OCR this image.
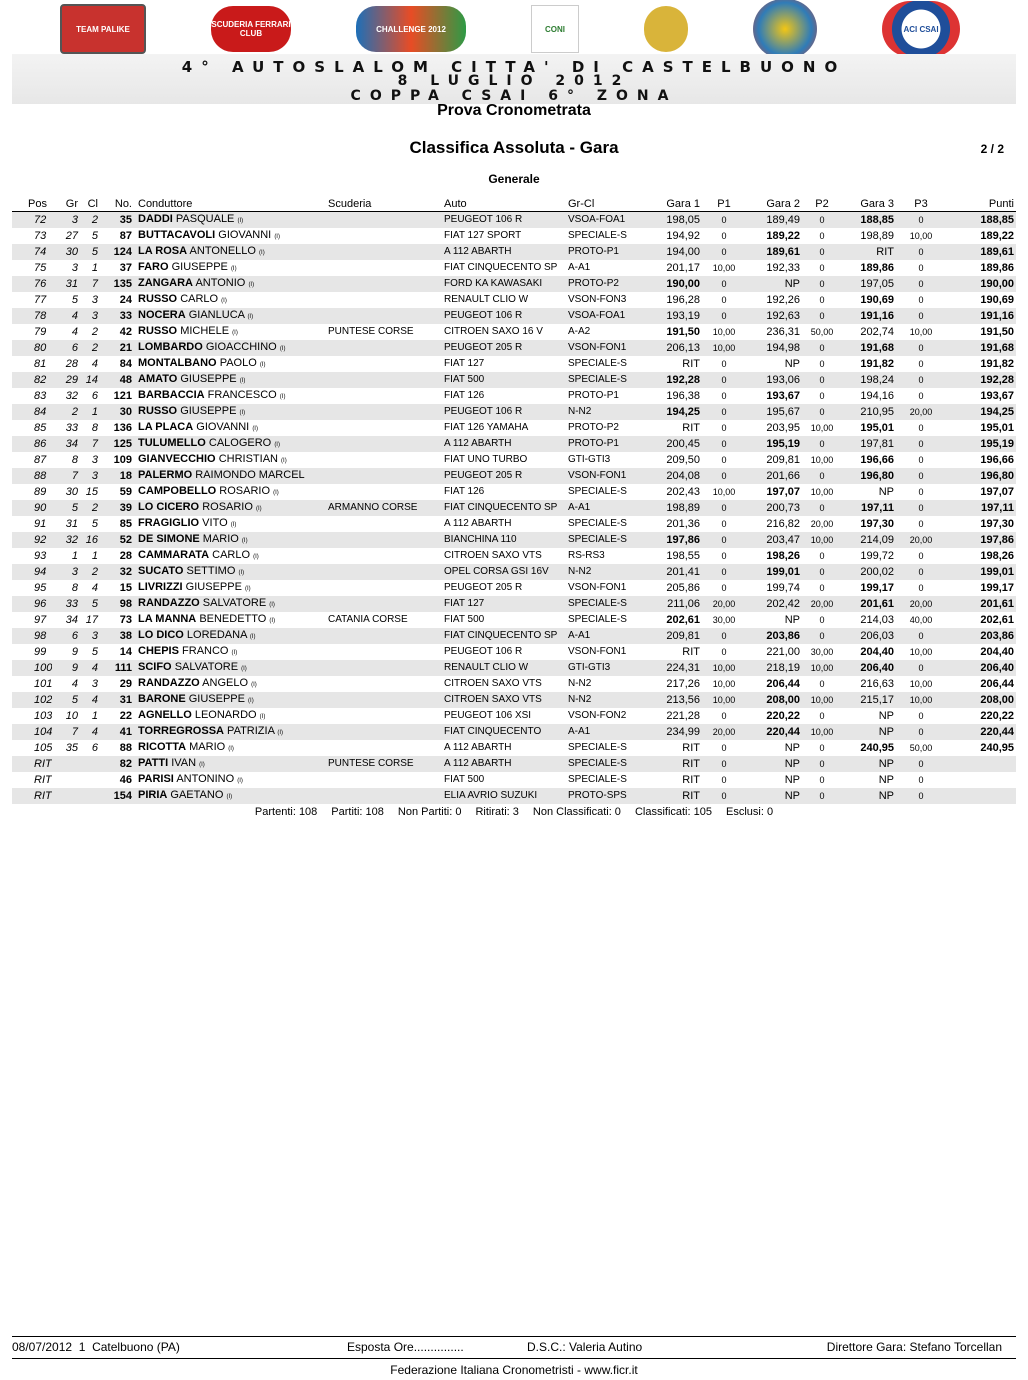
TEAM PALIKE	SCUDERIA FERRARI CLUB	CHALLENGE 2012	CONI	ACI CSAI
4° AUTOSLALOM CITTA' DI CASTELBUONO
8 LUGLIO 2012
COPPA CSAI 6° ZONA
Prova Cronometrata
Classifica Assoluta - Gara	2 / 2
Generale
Pos	Gr	Cl	No.	Conduttore	Scuderia	Auto	Gr-Cl	Gara 1	P1	Gara 2	P2	Gara 3	P3	Punti
72	3	2	35	DADDI PASQUALE (I)		PEUGEOT 106 R	VSOA-FOA1	198,05	0	189,49	0	188,85	0	188,85
73	27	5	87	BUTTACAVOLI GIOVANNI (I)		FIAT 127 SPORT	SPECIALE-S	194,92	0	189,22	0	198,89	10,00	189,22
74	30	5	124	LA ROSA ANTONELLO (I)		A 112 ABARTH	PROTO-P1	194,00	0	189,61	0	RIT	0	189,61
75	3	1	37	FARO GIUSEPPE (I)		FIAT CINQUECENTO SP	A-A1	201,17	10,00	192,33	0	189,86	0	189,86
76	31	7	135	ZANGARA ANTONIO (I)		FORD KA KAWASAKI	PROTO-P2	190,00	0	NP	0	197,05	0	190,00
77	5	3	24	RUSSO CARLO (I)		RENAULT CLIO W	VSON-FON3	196,28	0	192,26	0	190,69	0	190,69
78	4	3	33	NOCERA GIANLUCA (I)		PEUGEOT 106 R	VSOA-FOA1	193,19	0	192,63	0	191,16	0	191,16
79	4	2	42	RUSSO MICHELE (I)	PUNTESE CORSE	CITROEN SAXO 16 V	A-A2	191,50	10,00	236,31	50,00	202,74	10,00	191,50
80	6	2	21	LOMBARDO GIOACCHINO (I)		PEUGEOT 205 R	VSON-FON1	206,13	10,00	194,98	0	191,68	0	191,68
81	28	4	84	MONTALBANO PAOLO (I)		FIAT 127	SPECIALE-S	RIT	0	NP	0	191,82	0	191,82
82	29	14	48	AMATO GIUSEPPE (I)		FIAT 500	SPECIALE-S	192,28	0	193,06	0	198,24	0	192,28
83	32	6	121	BARBACCIA FRANCESCO (I)		FIAT 126	PROTO-P1	196,38	0	193,67	0	194,16	0	193,67
84	2	1	30	RUSSO GIUSEPPE (I)		PEUGEOT 106 R	N-N2	194,25	0	195,67	0	210,95	20,00	194,25
85	33	8	136	LA PLACA GIOVANNI (I)		FIAT 126 YAMAHA	PROTO-P2	RIT	0	203,95	10,00	195,01	0	195,01
86	34	7	125	TULUMELLO CALOGERO (I)		A 112 ABARTH	PROTO-P1	200,45	0	195,19	0	197,81	0	195,19
87	8	3	109	GIANVECCHIO CHRISTIAN (I)		FIAT UNO TURBO	GTI-GTI3	209,50	0	209,81	10,00	196,66	0	196,66
88	7	3	18	PALERMO RAIMONDO MARCEL		PEUGEOT 205 R	VSON-FON1	204,08	0	201,66	0	196,80	0	196,80
89	30	15	59	CAMPOBELLO ROSARIO (I)		FIAT 126	SPECIALE-S	202,43	10,00	197,07	10,00	NP	0	197,07
90	5	2	39	LO CICERO ROSARIO (I)	ARMANNO CORSE	FIAT CINQUECENTO SP	A-A1	198,89	0	200,73	0	197,11	0	197,11
91	31	5	85	FRAGIGLIO VITO (I)		A 112 ABARTH	SPECIALE-S	201,36	0	216,82	20,00	197,30	0	197,30
92	32	16	52	DE SIMONE MARIO (I)		BIANCHINA 110	SPECIALE-S	197,86	0	203,47	10,00	214,09	20,00	197,86
93	1	1	28	CAMMARATA CARLO (I)		CITROEN SAXO VTS	RS-RS3	198,55	0	198,26	0	199,72	0	198,26
94	3	2	32	SUCATO SETTIMO (I)		OPEL CORSA GSI 16V	N-N2	201,41	0	199,01	0	200,02	0	199,01
95	8	4	15	LIVRIZZI GIUSEPPE (I)		PEUGEOT 205 R	VSON-FON1	205,86	0	199,74	0	199,17	0	199,17
96	33	5	98	RANDAZZO SALVATORE (I)		FIAT 127	SPECIALE-S	211,06	20,00	202,42	20,00	201,61	20,00	201,61
97	34	17	73	LA MANNA BENEDETTO (I)	CATANIA CORSE	FIAT 500	SPECIALE-S	202,61	30,00	NP	0	214,03	40,00	202,61
98	6	3	38	LO DICO LOREDANA (I)		FIAT CINQUECENTO SP	A-A1	209,81	0	203,86	0	206,03	0	203,86
99	9	5	14	CHEPIS FRANCO (I)		PEUGEOT 106 R	VSON-FON1	RIT	0	221,00	30,00	204,40	10,00	204,40
100	9	4	111	SCIFO SALVATORE (I)		RENAULT CLIO W	GTI-GTI3	224,31	10,00	218,19	10,00	206,40	0	206,40
101	4	3	29	RANDAZZO ANGELO (I)		CITROEN SAXO VTS	N-N2	217,26	10,00	206,44	0	216,63	10,00	206,44
102	5	4	31	BARONE GIUSEPPE (I)		CITROEN SAXO VTS	N-N2	213,56	10,00	208,00	10,00	215,17	10,00	208,00
103	10	1	22	AGNELLO LEONARDO (I)		PEUGEOT 106 XSI	VSON-FON2	221,28	0	220,22	0	NP	0	220,22
104	7	4	41	TORREGROSSA PATRIZIA (I)		FIAT CINQUECENTO	A-A1	234,99	20,00	220,44	10,00	NP	0	220,44
105	35	6	88	RICOTTA MARIO (I)		A 112 ABARTH	SPECIALE-S	RIT	0	NP	0	240,95	50,00	240,95
RIT			82	PATTI IVAN (I)	PUNTESE CORSE	A 112 ABARTH	SPECIALE-S	RIT	0	NP	0	NP	0	
RIT			46	PARISI ANTONINO (I)		FIAT 500	SPECIALE-S	RIT	0	NP	0	NP	0	
RIT			154	PIRIA GAETANO (I)		ELIA AVRIO SUZUKI	PROTO-SPS	RIT	0	NP	0	NP	0	
Partenti: 108 Partiti: 108 Non Partiti: 0 Ritirati: 3 Non Classificati: 0 Classificati: 105 Esclusi: 0
08/07/2012  1  Catelbuono (PA)	Esposta Ore...............	D.S.C.: Valeria Autino	Direttore Gara: Stefano Torcellan
Federazione Italiana Cronometristi - www.ficr.it
